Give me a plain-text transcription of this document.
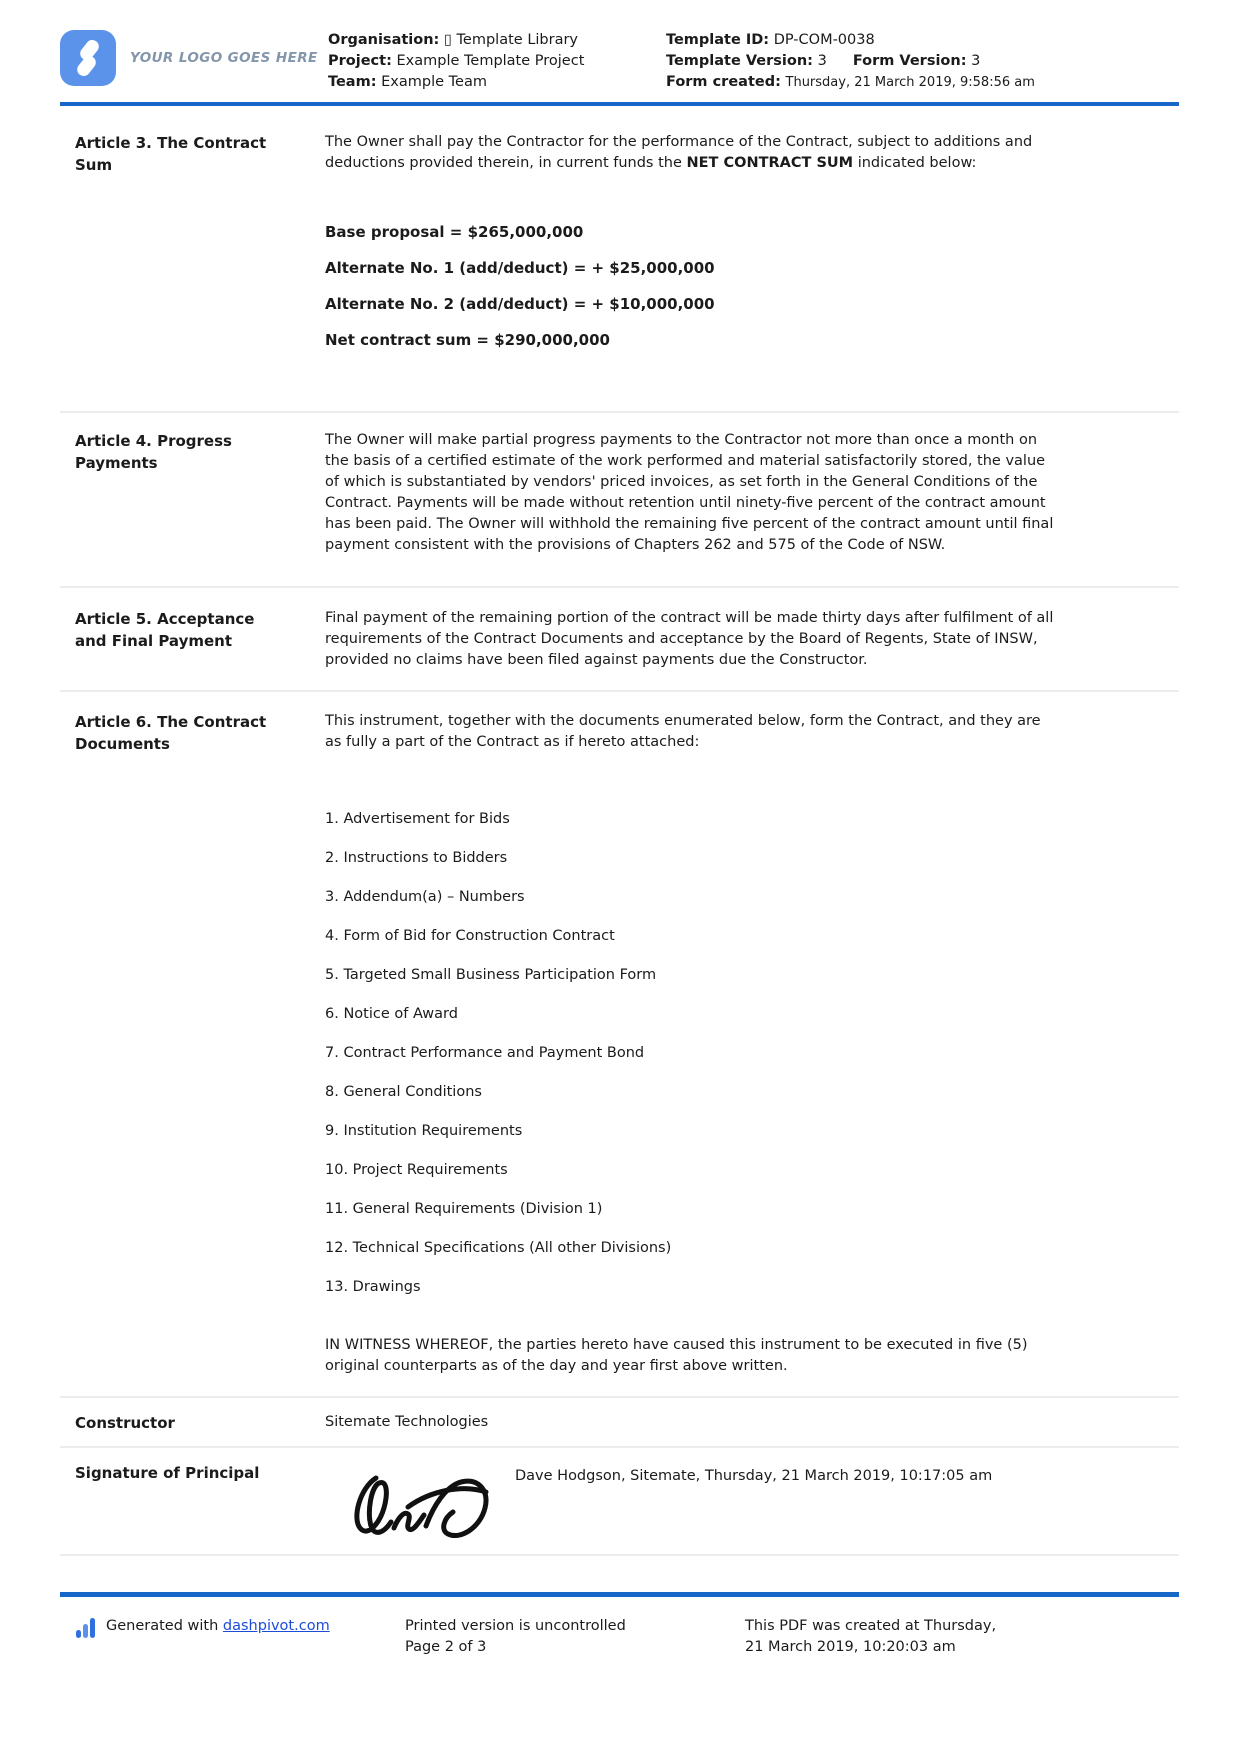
YOUR LOGO GOES HERE
Organisation: ▯ Template Library
Project: Example Template Project
Team: Example Team
Template ID: DP-COM-0038
Template Version: 3 Form Version: 3
Form created: Thursday, 21 March 2019, 9:58:56 am
Article 3. The Contract
Sum

The Owner shall pay the Contractor for the performance of the Contract, subject to additions and deductions provided therein, in current funds the NET CONTRACT SUM indicated below:

Base proposal = $265,000,000

Alternate No. 1 (add/deduct) = + $25,000,000

Alternate No. 2 (add/deduct) = + $10,000,000

Net contract sum = $290,000,000

Article 4. Progress
Payments

The Owner will make partial progress payments to the Contractor not more than once a month on the basis of a certified estimate of the work performed and material satisfactorily stored, the value of which is substantiated by vendors' priced invoices, as set forth in the General Conditions of the Contract. Payments will be made without retention until ninety-five percent of the contract amount has been paid. The Owner will withhold the remaining five percent of the contract amount until final payment consistent with the provisions of Chapters 262 and 575 of the Code of NSW.

Article 5. Acceptance
and Final Payment

Final payment of the remaining portion of the contract will be made thirty days after fulfilment of all requirements of the Contract Documents and acceptance by the Board of Regents, State of INSW, provided no claims have been filed against payments due the Constructor.

Article 6. The Contract
Documents

This instrument, together with the documents enumerated below, form the Contract, and they are as fully a part of the Contract as if hereto attached:

1. Advertisement for Bids
2. Instructions to Bidders
3. Addendum(a) – Numbers
4. Form of Bid for Construction Contract
5. Targeted Small Business Participation Form
6. Notice of Award
7. Contract Performance and Payment Bond
8. General Conditions
9. Institution Requirements
10. Project Requirements
11. General Requirements (Division 1)
12. Technical Specifications (All other Divisions)
13. Drawings

IN WITNESS WHEREOF, the parties hereto have caused this instrument to be executed in five (5) original counterparts as of the day and year first above written.

Constructor	Sitemate Technologies
Signature of Principal	Dave Hodgson, Sitemate, Thursday, 21 March 2019, 10:17:05 am
Generated with dashpivot.com	Printed version is uncontrolled
Page 2 of 3
This PDF was created at Thursday, 21 March 2019, 10:20:03 am
